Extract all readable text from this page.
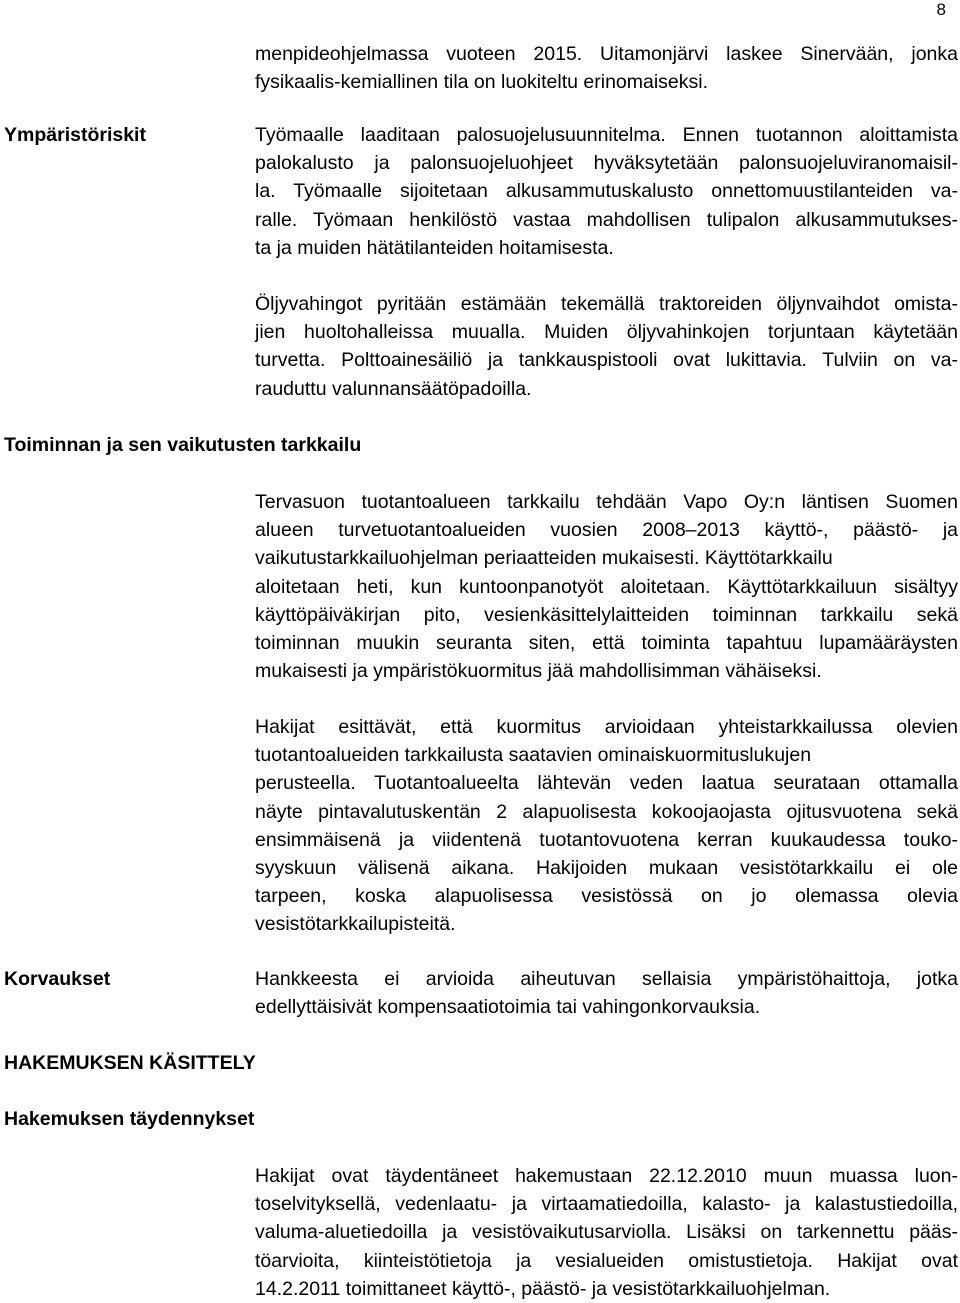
8
menpideohjelmassa vuoteen 2015. Uitamonjärvi laskee Sinervään, jonka
fysikaalis-kemiallinen tila on luokiteltu erinomaiseksi.
Ympäristöriskit	Työmaalle laaditaan palosuojelusuunnitelma. Ennen tuotannon aloittamista
palokalusto ja palonsuojeluohjeet hyväksytetään palonsuojeluviranomaisil-
la. Työmaalle sijoitetaan alkusammutuskalusto onnettomuustilanteiden va-
ralle. Työmaan henkilöstö vastaa mahdollisen tulipalon alkusammutukses-
ta ja muiden hätätilanteiden hoitamisesta.
Öljyvahingot pyritään estämään tekemällä traktoreiden öljynvaihdot omista-
jien huoltohalleissa muualla. Muiden öljyvahinkojen torjuntaan käytetään
turvetta. Polttoainesäiliö ja tankkauspistooli ovat lukittavia. Tulviin on va-
rauduttu valunnansäätöpadoilla.
Toiminnan ja sen vaikutusten tarkkailu
Tervasuon tuotantoalueen tarkkailu tehdään Vapo Oy:n läntisen Suomen
alueen turvetuotantoalueiden vuosien 2008–2013 käyttö-, päästö- ja
vaikutustarkkailuohjelman periaatteiden mukaisesti. Käyttötarkkailu
aloitetaan heti, kun kuntoonpanotyöt aloitetaan. Käyttötarkkailuun sisältyy
käyttöpäiväkirjan pito, vesienkäsittelylaitteiden toiminnan tarkkailu sekä
toiminnan muukin seuranta siten, että toiminta tapahtuu lupamääräysten
mukaisesti ja ympäristökuormitus jää mahdollisimman vähäiseksi.
Hakijat esittävät, että kuormitus arvioidaan yhteistarkkailussa olevien
tuotantoalueiden tarkkailusta saatavien ominaiskuormituslukujen
perusteella. Tuotantoalueelta lähtevän veden laatua seurataan ottamalla
näyte pintavalutuskentän 2 alapuolisesta kokoojaojasta ojitusvuotena sekä
ensimmäisenä ja viidentenä tuotantovuotena kerran kuukaudessa touko-
syyskuun välisenä aikana. Hakijoiden mukaan vesistötarkkailu ei ole
tarpeen, koska alapuolisessa vesistössä on jo olemassa olevia
vesistötarkkailupisteitä.
Korvaukset	Hankkeesta ei arvioida aiheutuvan sellaisia ympäristöhaittoja, jotka
edellyttäisivät kompensaatiotoimia tai vahingonkorvauksia.
HAKEMUKSEN KÄSITTELY
Hakemuksen täydennykset
Hakijat ovat täydentäneet hakemustaan 22.12.2010 muun muassa luon-
toselvityksellä, vedenlaatu- ja virtaamatiedoilla, kalasto- ja kalastustiedoilla,
valuma-aluetiedoilla ja vesistövaikutusarviolla. Lisäksi on tarkennettu pääs-
töarvioita, kiinteistötietoja ja vesialueiden omistustietoja. Hakijat ovat
14.2.2011 toimittaneet käyttö-, päästö- ja vesistötarkkailuohjelman.
